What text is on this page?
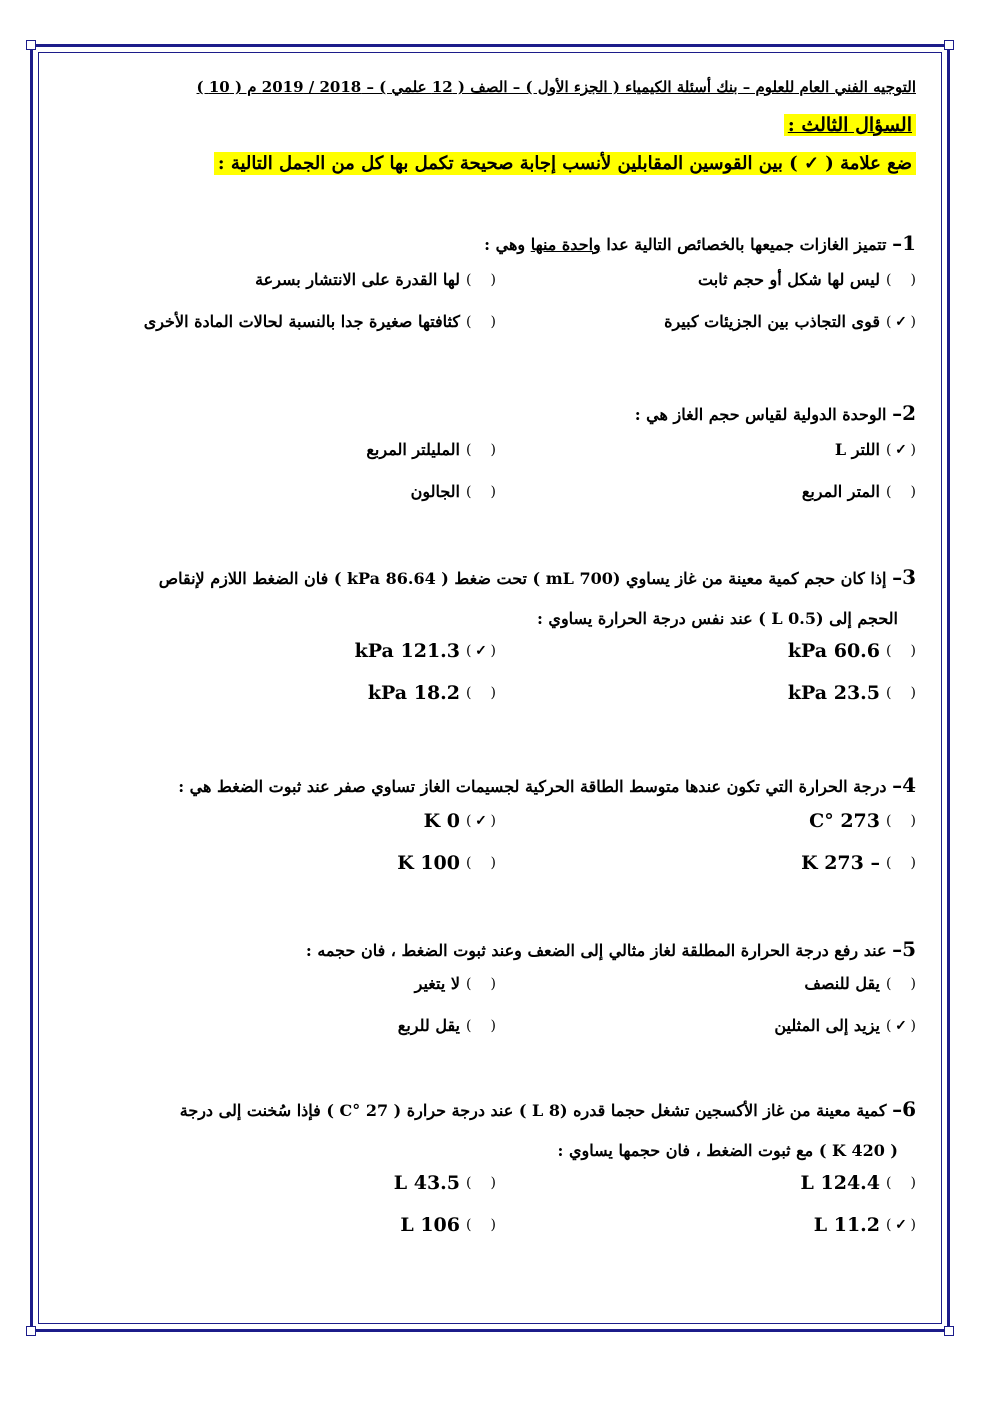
التوجيه الفني العام للعلوم – بنك أسئلة الكيمياء ( الجزء الأول ) – الصف ( 12 علمي ) – 2018 / 2019 م ( 10 )
السؤال الثالث :
ضع علامة ( ✓ ) بين القوسين المقابلين لأنسب إجابة صحيحة تكمل بها كل من الجمل التالية :
1– تتميز الغازات جميعها بالخصائص التالية عدا واحدة منها وهي :
(
)
ليس لها شكل أو حجم ثابت
(
)
لها القدرة على الانتشار بسرعة
( ✓ )
قوى التجاذب بين الجزيئات كبيرة
(
)
كثافتها صغيرة جدا بالنسبة لحالات المادة الأخرى
2– الوحدة الدولية لقياس حجم الغاز هي :
( ✓ )
اللتر L
(
)
المليلتر المربع
(
)
المتر المربع
(
)
الجالون
3– إذا كان حجم كمية معينة من غاز يساوي (700 mL ) تحت ضغط ( 86.64 kPa ) فان الضغط اللازم لإنقاص
الحجم إلى (L 0.5 ) عند نفس درجة الحرارة يساوي :
(
)
60.6 kPa
( ✓ )
121.3 kPa
(
)
23.5 kPa
(
)
18.2 kPa
4– درجة الحرارة التي تكون عندها متوسط الطاقة الحركية لجسيمات الغاز تساوي صفر عند ثبوت الضغط هي :
(
)
273 °C
( ✓ )
0 K
(
)
– 273 K
(
)
100 K
5– عند رفع درجة الحرارة المطلقة لغاز مثالي إلى الضعف وعند ثبوت الضغط ، فان حجمه :
(
)
يقل للنصف
(
)
لا يتغير
( ✓ )
يزيد إلى المثلين
(
)
يقل للربع
6– كمية معينة من غاز الأكسجين تشغل حجما قدره (8 L ) عند درجة حرارة ( 27 °C ) فإذا سُخنت إلى درجة
( 420 K ) مع ثبوت الضغط ، فان حجمها يساوي :
(
)
124.4 L
(
)
43.5 L
( ✓ )
11.2 L
(
)
106 L
